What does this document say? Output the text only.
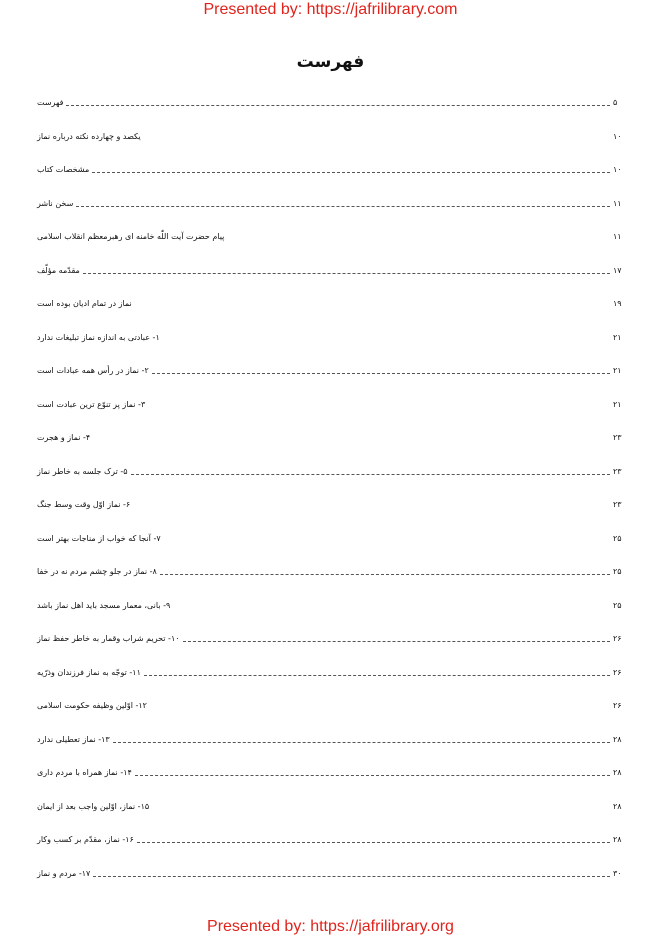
Presented by: https://jafrilibrary.com
فهرست
فهرست	۵
یکصد و چهارده نکته درباره نماز	۱۰
مشخصات کتاب	۱۰
سخن ناشر	۱۱
پیام حضرت آیت اللّٰه خامنه ای رهبرمعظم انقلاب اسلامی	۱۱
مقدّمه مؤلّف	۱۷
نماز در تمام ادیان بوده است	۱۹
۱- عبادتی به اندازه نماز تبلیغات ندارد	۲۱
۲- نماز در رأس همه عبادات است	۲۱
۳- نماز پر تنوّع ترین عبادت است	۲۱
۴- نماز و هجرت	۲۳
۵- ترک جلسه به خاطر نماز	۲۳
۶- نماز اوّل وقت وسط جنگ	۲۳
۷- آنجا که خواب از مناجات بهتر است	۲۵
۸- نماز در جلو چشم مردم نه در خفا	۲۵
۹- بانی، معمار مسجد باید اهل نماز باشد	۲۵
۱۰- تحریم شراب وقمار به خاطر حفظ نماز	۲۶
۱۱- توجّه به نماز فرزندان وذرّیه	۲۶
۱۲- اوّلین وظیفه حکومت اسلامی	۲۶
۱۳- نماز تعطیلی ندارد	۲۸
۱۴- نماز همراه با مردم داری	۲۸
۱۵- نماز، اوّلین واجب بعد از ایمان	۲۸
۱۶- نماز، مقدّم بر کسب وکار	۲۸
۱۷- مردم و نماز	۳۰
Presented by: https://jafrilibrary.org
